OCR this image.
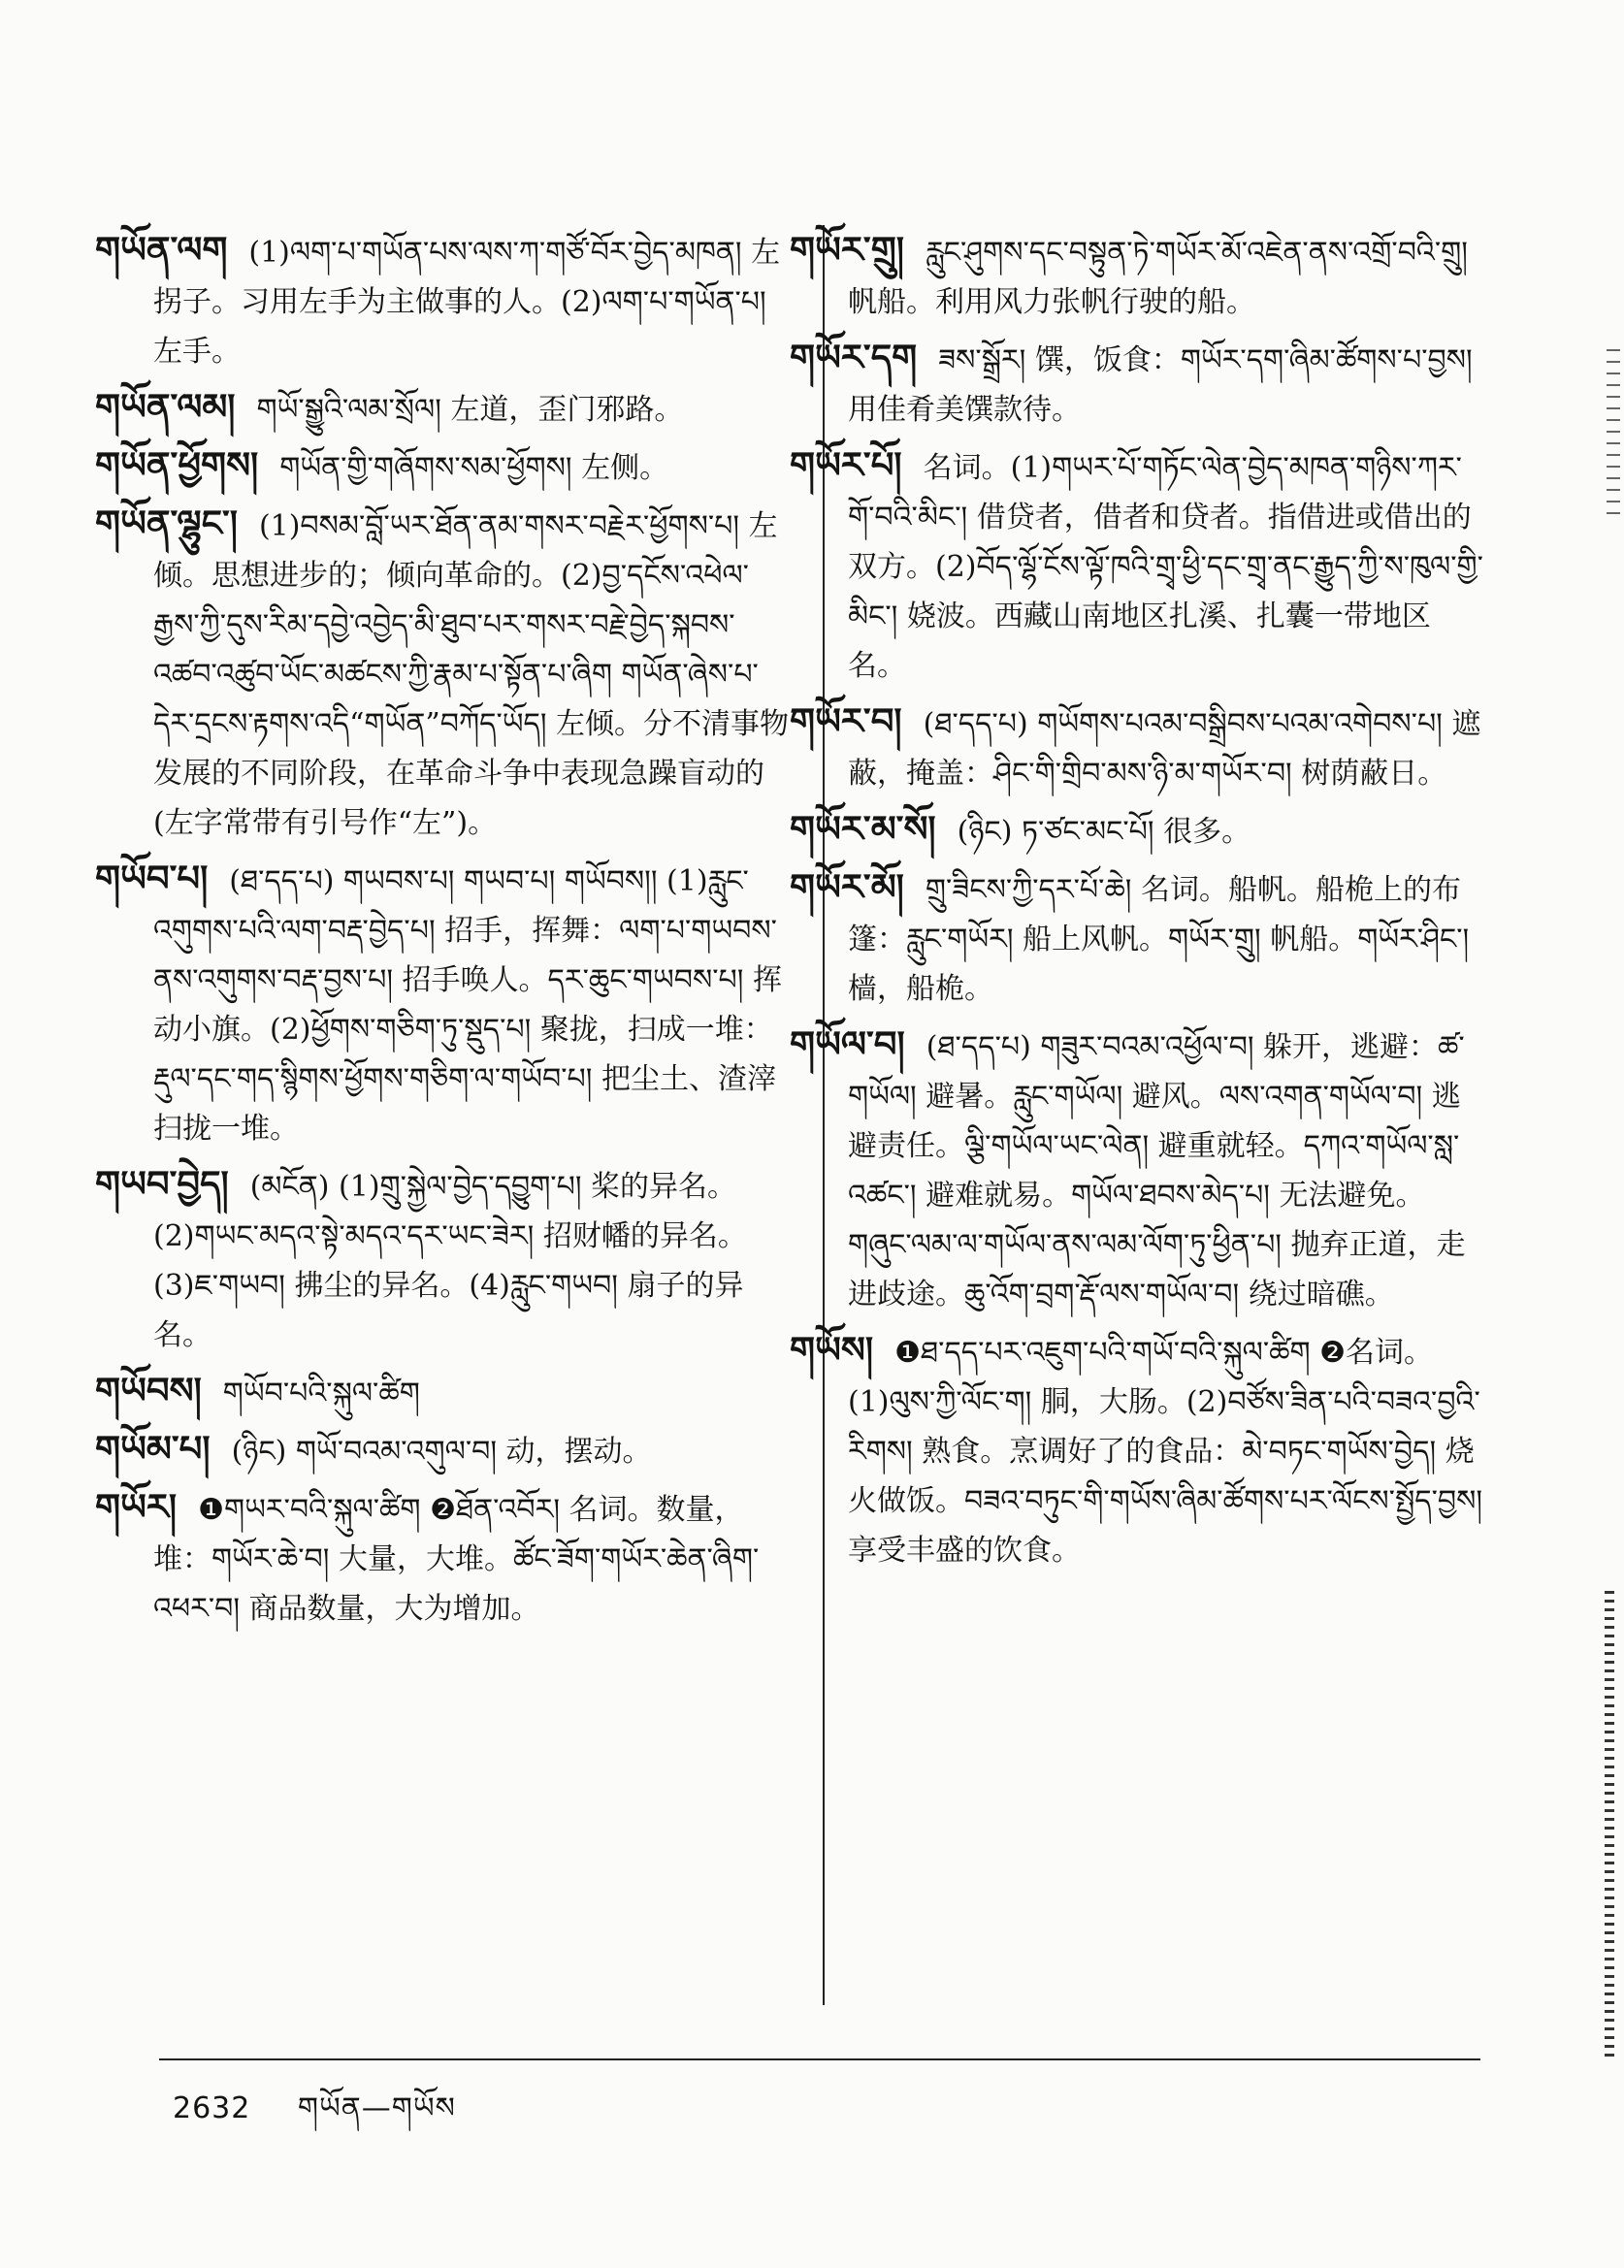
གཡོན་ལག (1)ལག་པ་གཡོན་པས་ལས་ཀ་གཙོ་བོར་བྱེད་མཁན། 左拐子。习用左手为主做事的人。(2)ལག་པ་གཡོན་པ། 左手。

གཡོན་ལམ། གཡོ་སྒྱུའི་ལམ་སྲོལ། 左道，歪门邪路。

གཡོན་ཕྱོགས། གཡོན་གྱི་གཞོགས་སམ་ཕྱོགས། 左侧。

གཡོན་ལྷུང་། (1)བསམ་བློ་ཡར་ཐོན་ནམ་གསར་བརྗེར་ཕྱོགས་པ། 左倾。思想进步的；倾向革命的。(2)བྱ་དངོས་འཕེལ་རྒྱས་ཀྱི་དུས་རིམ་དབྱེ་འབྱེད་མི་ཐུབ་པར་གསར་བརྗེ་བྱེད་སྐབས་འཚབ་འཚུབ་ཡོང་མཚངས་ཀྱི་རྣམ་པ་སྟོན་པ་ཞིག གཡོན་ཞེས་པ་དེར་དྲངས་རྟགས་འདི“གཡོན”བཀོད་ཡོད། 左倾。分不清事物发展的不同阶段，在革命斗争中表现急躁盲动的(左字常带有引号作“左”)。

གཡོབ་པ། (ཐ་དད་པ) གཡབས་པ། གཡབ་པ། གཡོབས།། (1)རླུང་འགུགས་པའི་ལག་བརྡ་བྱེད་པ། 招手，挥舞：ལག་པ་གཡབས་ནས་འགུགས་བརྡ་བྱས་པ། 招手唤人。དར་ཆུང་གཡབས་པ། 挥动小旗。(2)ཕྱོགས་གཅིག་ཏུ་སྡུད་པ། 聚拢，扫成一堆：རྡུལ་དང་གད་སྙིགས་ཕྱོགས་གཅིག་ལ་གཡོབ་པ། 把尘土、渣滓扫拢一堆。

གཡབ་བྱེད། (མངོན) (1)གྲུ་སྐྱེལ་བྱེད་དབྱུག་པ། 桨的异名。(2)གཡང་མདའ་སྟེ་མདའ་དར་ཡང་ཟེར། 招财幡的异名。(3)ཇ་གཡབ། 拂尘的异名。(4)རླུང་གཡབ། 扇子的异名。

གཡོབས། གཡོབ་པའི་སྐུལ་ཚིག

གཡོམ་པ། (ཉིང) གཡོ་བའམ་འགུལ་བ། 动，摆动。

གཡོར། ❶གཡར་བའི་སྐུལ་ཚིག ❷ཐོན་འབོར། 名词。数量，堆：གཡོར་ཆེ་བ། 大量，大堆。ཚོང་ཟོག་གཡོར་ཆེན་ཞིག་འཕར་བ། 商品数量，大为增加。

གཡོར་གྲུ། རླུང་ཤུགས་དང་བསྟུན་ཏེ་གཡོར་མོ་འཇེན་ནས་འགྲོ་བའི་གྲུ། 帆船。利用风力张帆行驶的船。

གཡོར་དག ཟས་སྒྲོར། 馔，饭食：གཡོར་དག་ཞིམ་ཚོགས་པ་བྱས། 用佳肴美馔款待。

གཡོར་པོ། 名词。(1)གཡར་པོ་གཏོང་ལེན་བྱེད་མཁན་གཉིས་ཀར་གོ་བའི་མིང་། 借贷者，借者和贷者。指借进或借出的双方。(2)བོད་ལྷོ་ངོས་ལྟོ་ཁའི་གྲྭ་ཕྱི་དང་གྲྭ་ནང་རྒྱུད་ཀྱི་ས་ཁུལ་གྱི་མིང་། 娆波。西藏山南地区扎溪、扎囊一带地区名。

གཡོར་བ། (ཐ་དད་པ) གཡོགས་པའམ་བསྒྲིབས་པའམ་འགེབས་པ། 遮蔽，掩盖：ཤིང་གི་གྲིབ་མས་ཉི་མ་གཡོར་བ། 树荫蔽日。

གཡོར་མ་སོ། (ཉིང) ཏ་ཙང་མང་པོ། 很多。

གཡོར་མོ། གྲུ་ཟིངས་ཀྱི་དར་པོ་ཆེ། 名词。船帆。船桅上的布篷：རླུང་གཡོར། 船上风帆。གཡོར་གྲུ། 帆船。གཡོར་ཤིང་། 樯，船桅。

གཡོལ་བ། (ཐ་དད་པ) གཟུར་བའམ་འཕྱོལ་བ། 躲开，逃避：ཚ་གཡོལ། 避暑。རླུང་གཡོལ། 避风。ལས་འགན་གཡོལ་བ། 逃避责任。ལྕི་གཡོལ་ཡང་ལེན། 避重就轻。དཀའ་གཡོལ་སླ་འཚང་། 避难就易。གཡོལ་ཐབས་མེད་པ། 无法避免。གཞུང་ལམ་ལ་གཡོལ་ནས་ལམ་ལོག་ཏུ་ཕྱིན་པ། 抛弃正道，走进歧途。ཆུ་འོག་བྲག་རྡོ་ལས་གཡོལ་བ། 绕过暗礁。

གཡོས། ❶ཐ་དད་པར་འཇུག་པའི་གཡོ་བའི་སྐུལ་ཚིག ❷名词。(1)ལུས་ཀྱི་ལོང་ག། 胴，大肠。(2)བཙོས་ཟིན་པའི་བཟའ་བྱའི་རིགས། 熟食。烹调好了的食品：མེ་བཏང་གཡོས་བྱེད། 烧火做饭。བཟའ་བཏུང་གི་གཡོས་ཞིམ་ཚོགས་པར་ལོངས་སྤྱོད་བྱས། 享受丰盛的饮食。

2632 གཡོན—གཡོས
